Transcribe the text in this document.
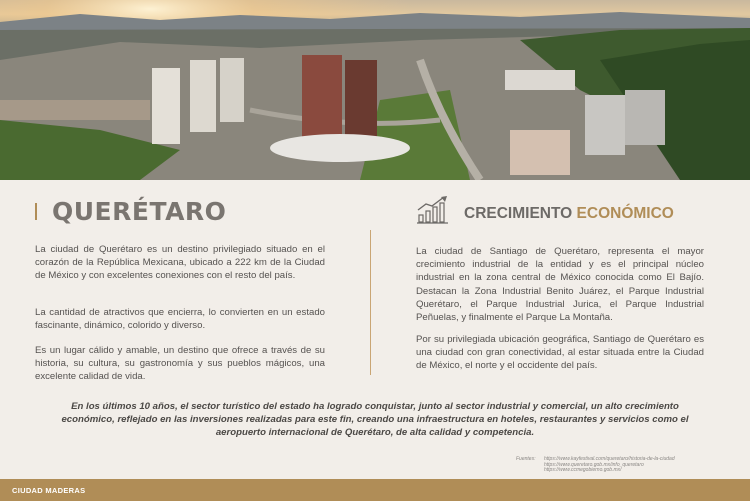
QUERÉTARO

La ciudad de Querétaro es un destino privilegiado situado en el corazón de la República Mexicana, ubicado a 222 km de la Ciudad de México y con excelentes conexiones con el resto del país.

La cantidad de atractivos que encierra, lo convierten en un estado fascinante, dinámico, colorido y diverso.

Es un lugar cálido y amable, un destino que ofrece a través de su historia, su cultura, su gastronomía y sus pueblos mágicos, una excelente calidad de vida.

CRECIMIENTO ECONÓMICO

La ciudad de Santiago de Querétaro, representa el mayor crecimiento industrial de la entidad y es el principal núcleo industrial en la zona central de México conocida como El Bajío. Destacan la Zona Industrial Benito Juárez, el Parque Industrial Querétaro, el Parque Industrial Jurica, el Parque Industrial Peñuelas, y finalmente el Parque La Montaña.

Por su privilegiada ubicación geográfica, Santiago de Querétaro es una ciudad con gran conectividad, al estar situada entre la Ciudad de México, el norte y el occidente del país.

En los últimos 10 años, el sector turístico del estado ha logrado conquistar, junto al sector industrial y comercial, un alto crecimiento económico, reflejado en las inversiones realizadas para este fin, creando una infraestructura en hoteles, restaurantes y servicios como el aeropuerto internacional de Querétaro, de alta calidad y competencia.

Fuentes: https://www.kayfestival.com/queretaro/historia-de-la-ciudad
https://www.queretaro.gob.mx/info_queretaro
https://www.ccmegobierno.gob.mx/
CIUDAD MADERAS
